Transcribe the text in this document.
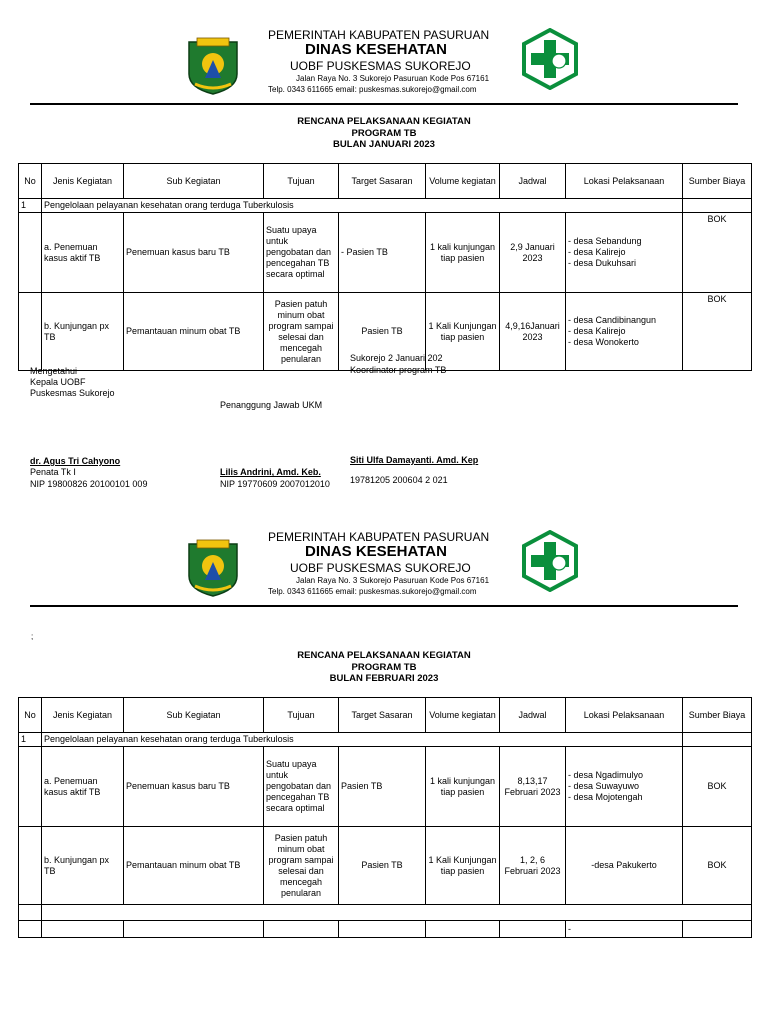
PEMERINTAH KABUPATEN PASURUAN
DINAS KESEHATAN
UOBF PUSKESMAS SUKOREJO
Jalan Raya No. 3 Sukorejo Pasuruan Kode Pos 67161
Telp. 0343 611665 email: puskesmas.sukorejo@gmail.com
RENCANA PELAKSANAAN KEGIATAN
PROGRAM TB
BULAN JANUARI 2023
No	Jenis Kegiatan	Sub Kegiatan	Tujuan	Target Sasaran	Volume kegiatan	Jadwal	Lokasi Pelaksanaan	Sumber Biaya
1	Pengelolaan pelayanan kesehatan orang terduga Tuberkulosis							
	a. Penemuan kasus aktif TB	Penemuan kasus baru TB	Suatu upaya untuk pengobatan dan pencegahan TB secara optimal	- Pasien TB	1 kali kunjungan tiap pasien	2,9 Januari 2023	- desa Sebandung
- desa Kalirejo
- desa Dukuhsari	BOK
	b. Kunjungan px TB	Pemantauan minum obat TB	Pasien patuh minum obat program sampai selesai dan mencegah penularan	Pasien TB	1 Kali Kunjungan tiap pasien	4,9,16Januari 2023	- desa Candibinangun
- desa Kalirejo
- desa Wonokerto	BOK
Mengetahui
Kepala UOBF
Puskesmas Sukorejo
Sukorejo 2 Januari 202
Koordinator program TB
Penanggung Jawab UKM
dr. Agus Tri Cahyono
Penata Tk I
NIP 19800826 20100101 009
Lilis Andrini, Amd. Keb.
NIP 19770609 2007012010
Siti Ulfa Damayanti. Amd. Kep
19781205 200604 2 021
PEMERINTAH KABUPATEN PASURUAN
DINAS KESEHATAN
UOBF PUSKESMAS SUKOREJO
Jalan Raya No. 3 Sukorejo Pasuruan Kode Pos 67161
Telp. 0343 611665 email: puskesmas.sukorejo@gmail.com
;
RENCANA PELAKSANAAN KEGIATAN
PROGRAM TB
BULAN FEBRUARI 2023
No	Jenis Kegiatan	Sub Kegiatan	Tujuan	Target Sasaran	Volume kegiatan	Jadwal	Lokasi Pelaksanaan	Sumber Biaya
1	Pengelolaan pelayanan kesehatan orang terduga Tuberkulosis							
	a. Penemuan kasus aktif TB	Penemuan kasus baru TB	Suatu upaya untuk pengobatan dan pencegahan TB secara optimal	Pasien TB	1 kali kunjungan tiap pasien	8,13,17 Februari 2023	- desa Ngadimulyo
- desa Suwayuwo
- desa Mojotengah	BOK
	b. Kunjungan px TB	Pemantauan minum obat TB	Pasien patuh minum obat program sampai selesai dan mencegah penularan	Pasien TB	1 Kali Kunjungan tiap pasien	1, 2, 6 Februari 2023	-desa Pakukerto	BOK

							-	
